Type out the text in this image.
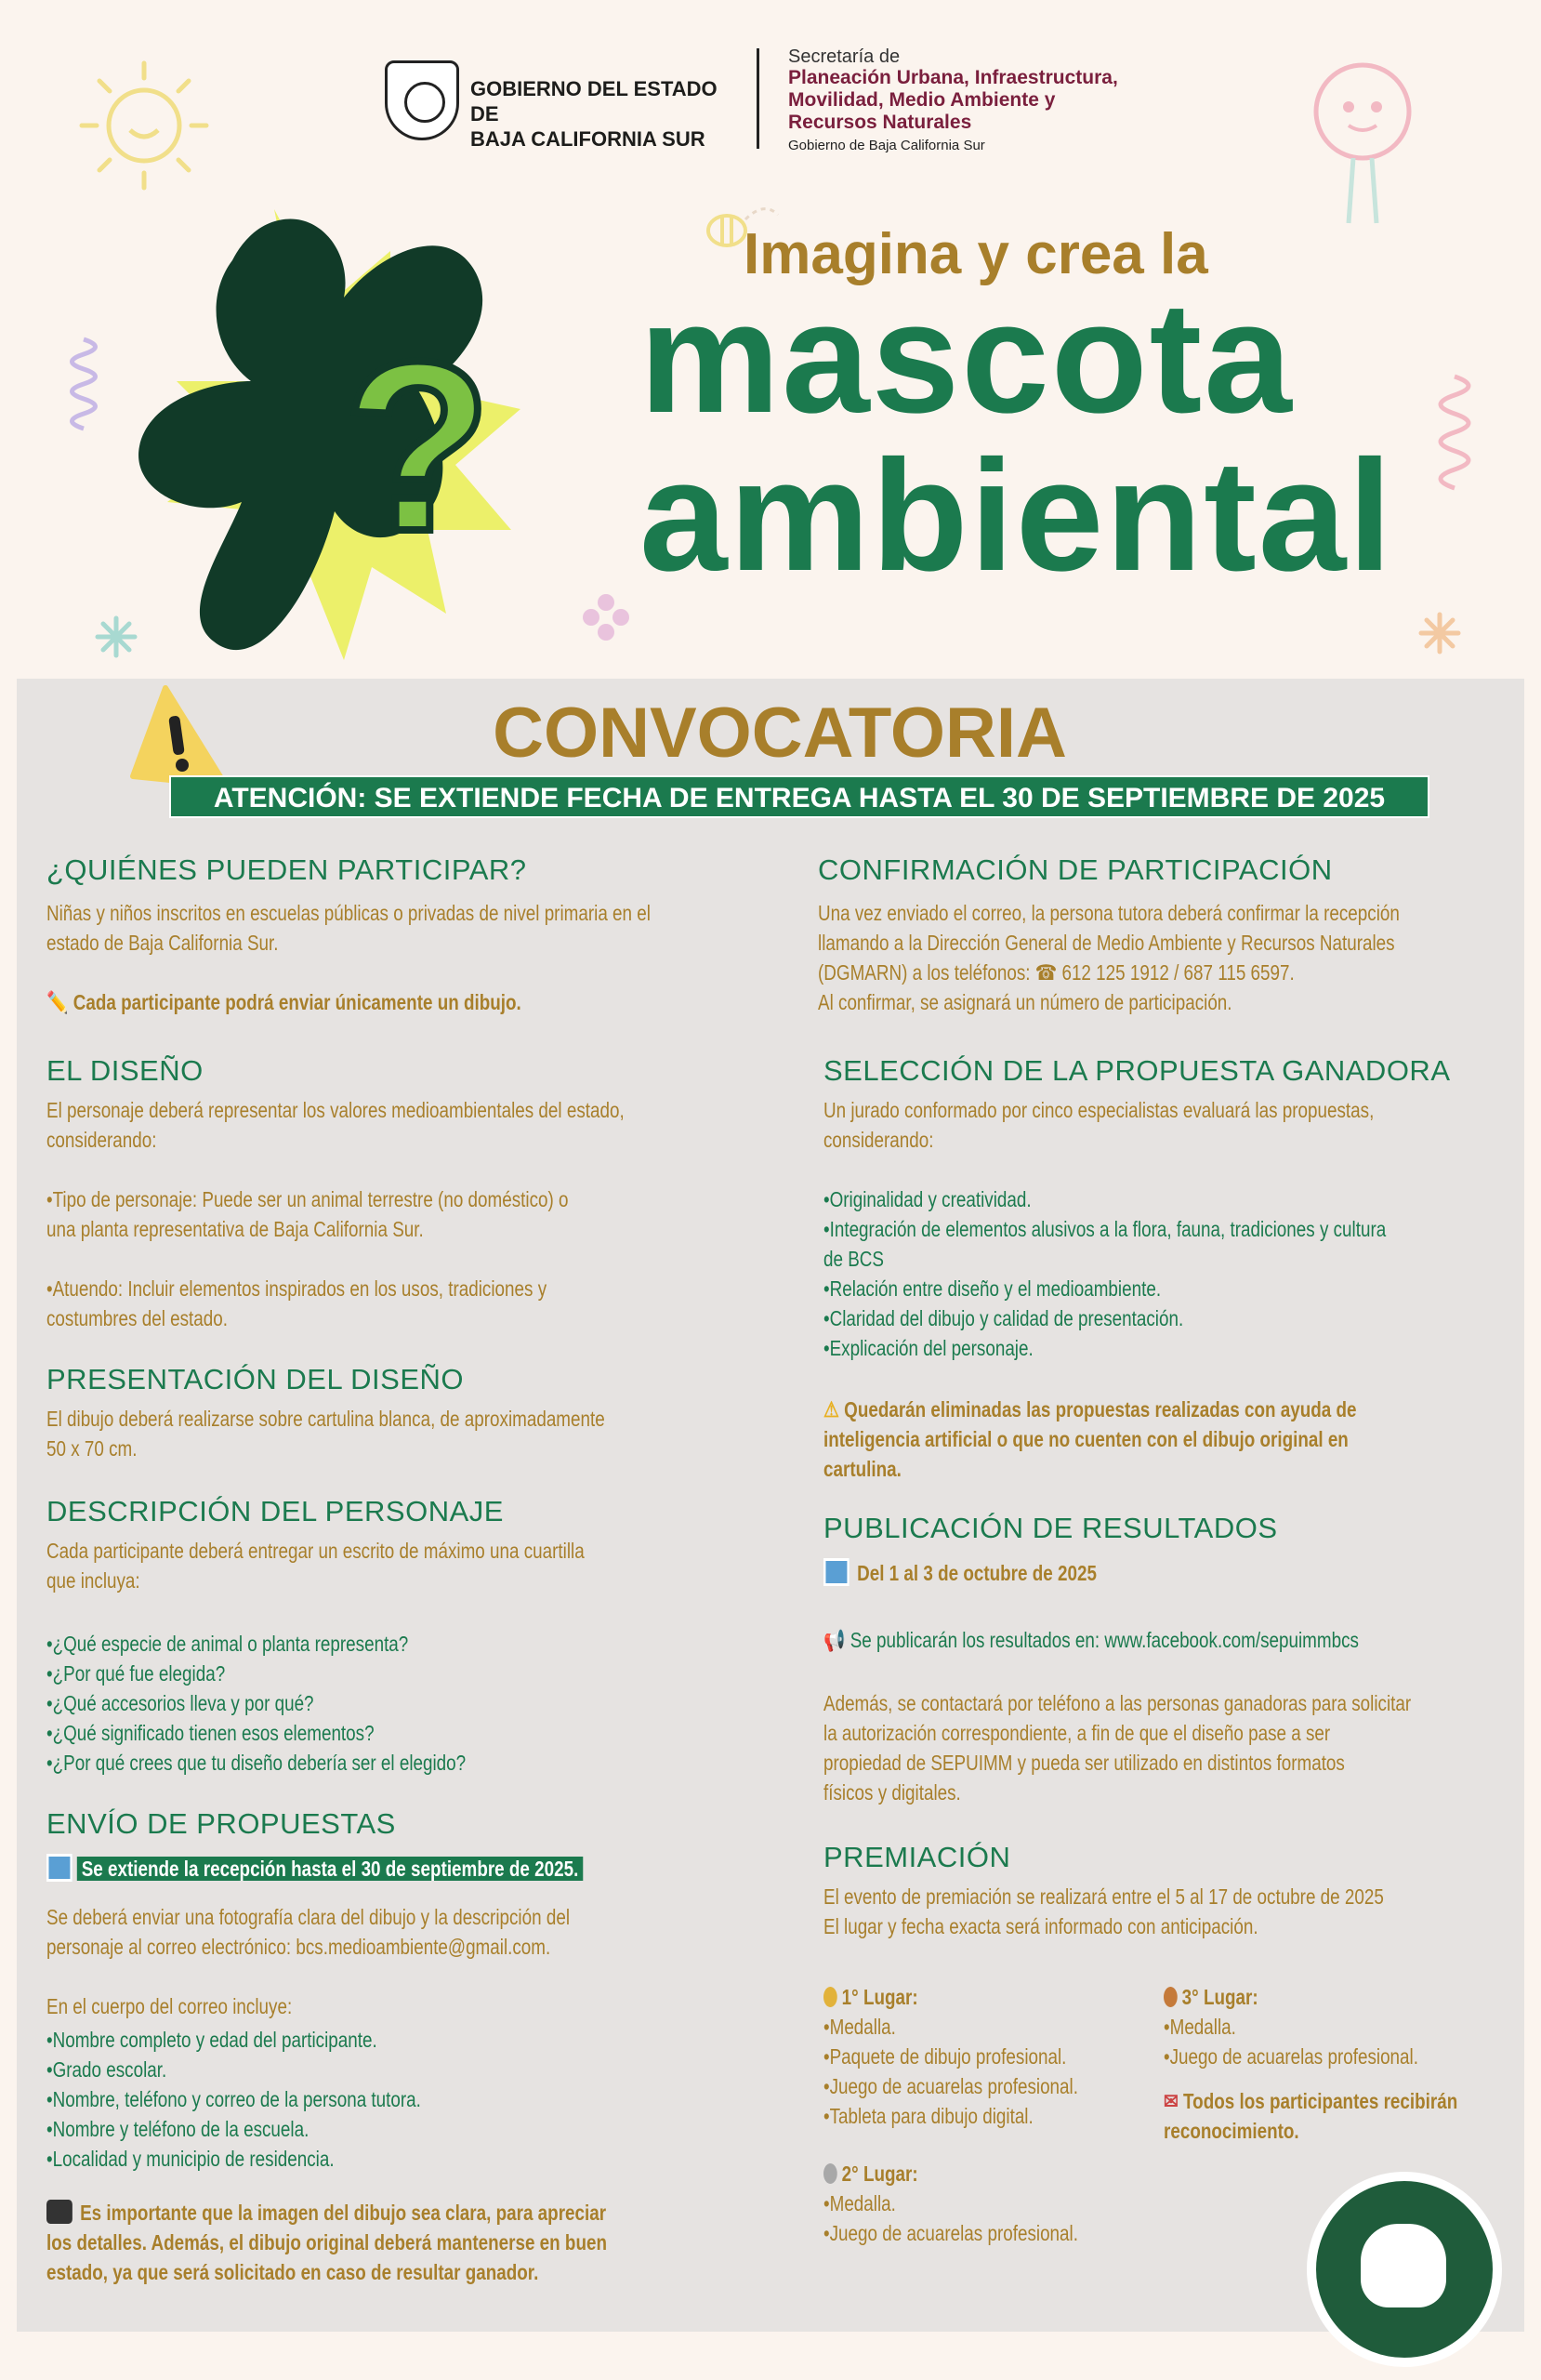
GOBIERNO DEL ESTADO DE
BAJA CALIFORNIA SUR
Secretaría de
Planeación Urbana, Infraestructura,
Movilidad, Medio Ambiente y
Recursos Naturales
Gobierno de Baja California Sur
?
Imagina y crea la
mascota
ambiental
CONVOCATORIA
ATENCIÓN: SE EXTIENDE FECHA DE ENTREGA HASTA EL 30 DE SEPTIEMBRE DE 2025
¿QUIÉNES PUEDEN PARTICIPAR?
Niñas y niños inscritos en escuelas públicas o privadas de nivel primaria en el
estado de Baja California Sur.
✏️ Cada participante podrá enviar únicamente un dibujo.
EL DISEÑO
El personaje deberá representar los valores medioambientales del estado,
considerando:
•Tipo de personaje: Puede ser un animal terrestre (no doméstico) o
una planta representativa de Baja California Sur.
•Atuendo: Incluir elementos inspirados en los usos, tradiciones y
costumbres del estado.
PRESENTACIÓN DEL DISEÑO
El dibujo deberá realizarse sobre cartulina blanca, de aproximadamente
50 x 70 cm.
DESCRIPCIÓN DEL PERSONAJE
Cada participante deberá entregar un escrito de máximo una cuartilla
que incluya:
•¿Qué especie de animal o planta representa?
•¿Por qué fue elegida?
•¿Qué accesorios lleva y por qué?
•¿Qué significado tienen esos elementos?
•¿Por qué crees que tu diseño debería ser el elegido?
ENVÍO DE PROPUESTAS
Se extiende la recepción hasta el 30 de septiembre de 2025.
Se deberá enviar una fotografía clara del dibujo y la descripción del
personaje al correo electrónico: bcs.medioambiente@gmail.com.
En el cuerpo del correo incluye:
•Nombre completo y edad del participante.
•Grado escolar.
•Nombre, teléfono y correo de la persona tutora.
•Nombre y teléfono de la escuela.
•Localidad y municipio de residencia.
Es importante que la imagen del dibujo sea clara, para apreciar
los detalles. Además, el dibujo original deberá mantenerse en buen
estado, ya que será solicitado en caso de resultar ganador.
CONFIRMACIÓN DE PARTICIPACIÓN
Una vez enviado el correo, la persona tutora deberá confirmar la recepción
llamando a la Dirección General de Medio Ambiente y Recursos Naturales
(DGMARN) a los teléfonos: ☎ 612 125 1912 / 687 115 6597.
Al confirmar, se asignará un número de participación.
SELECCIÓN DE LA PROPUESTA GANADORA
Un jurado conformado por cinco especialistas evaluará las propuestas,
considerando:
•Originalidad y creatividad.
•Integración de elementos alusivos a la flora, fauna, tradiciones y cultura
de BCS
•Relación entre diseño y el medioambiente.
•Claridad del dibujo y calidad de presentación.
•Explicación del personaje.
⚠ Quedarán eliminadas las propuestas realizadas con ayuda de
inteligencia artificial o que no cuenten con el dibujo original en
cartulina.
PUBLICACIÓN DE RESULTADOS
Del 1 al 3 de octubre de 2025
📢 Se publicarán los resultados en: www.facebook.com/sepuimmbcs
Además, se contactará por teléfono a las personas ganadoras para solicitar
la autorización correspondiente, a fin de que el diseño pase a ser
propiedad de SEPUIMM y pueda ser utilizado en distintos formatos
físicos y digitales.
PREMIACIÓN
El evento de premiación se realizará entre el 5 al 17 de octubre de 2025
El lugar y fecha exacta será informado con anticipación.
1° Lugar:
•Medalla.
•Paquete de dibujo profesional.
•Juego de acuarelas profesional.
•Tableta para dibujo digital.
2° Lugar:
•Medalla.
•Juego de acuarelas profesional.
3° Lugar:
•Medalla.
•Juego de acuarelas profesional.
✉ Todos los participantes recibirán
reconocimiento.
